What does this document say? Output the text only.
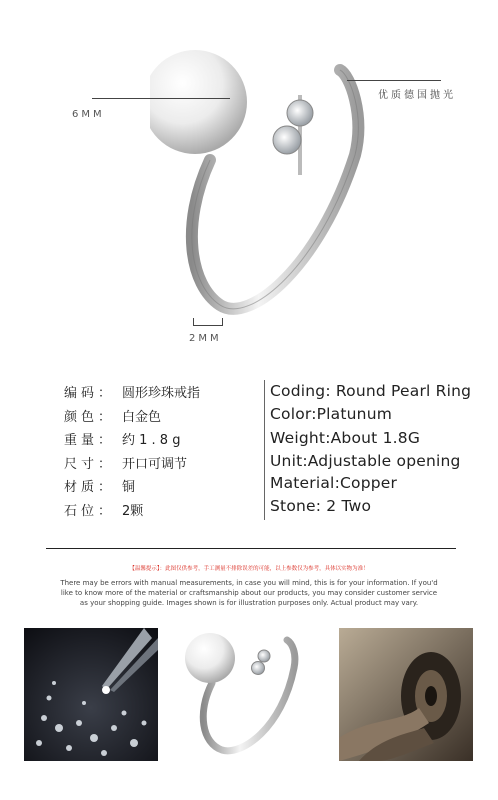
6MM
优质德国抛光
2MM
编码： 圆形珍珠戒指
颜色： 白金色
重量： 约 1 . 8 g
尺寸： 开口可调节
材质： 铜
石位： 2颗
Coding: Round Pearl Ring
Color:Platunum
Weight:About 1.8G
Unit:Adjustable opening
Material:Copper
Stone: 2 Two
【温馨提示】：此图仅供参考，手工测量不排除误差的可能，以上参数仅为参考，具体以实物为准！
There may be errors with manual measurements, in case you will mind, this is for your information. If you'd like to know more of the material or craftsmanship about our products, you may consider customer service as your shopping guide. Images shown is for illustration purposes only. Actual product may vary.
